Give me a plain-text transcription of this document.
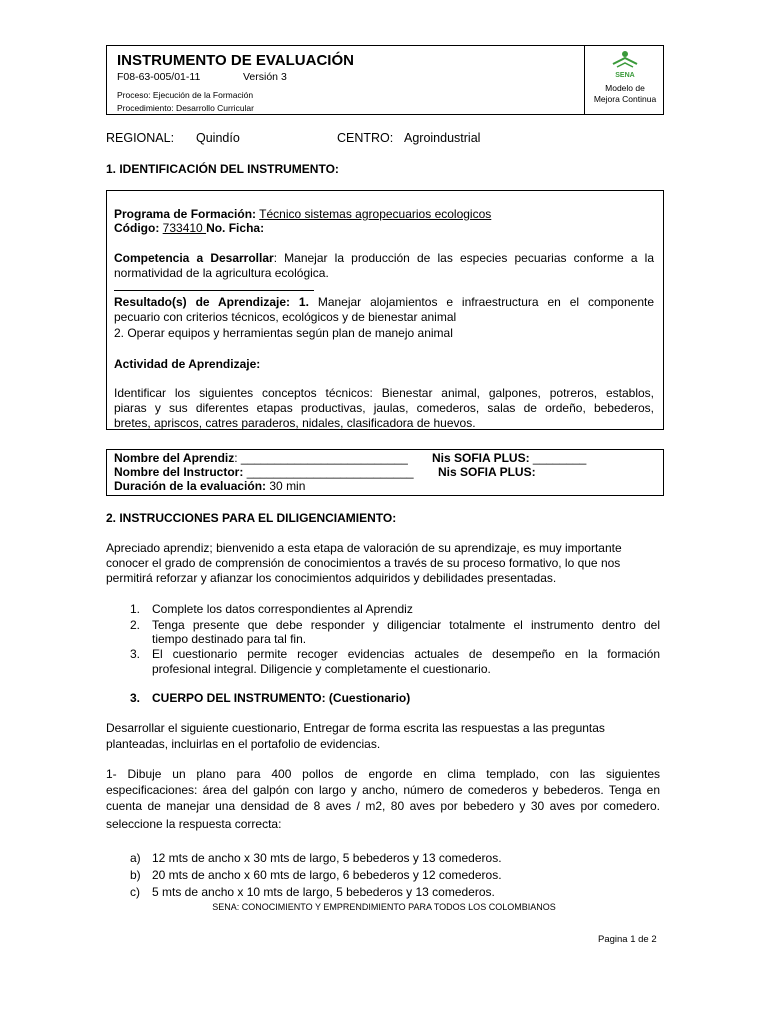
INSTRUMENTO DE EVALUACIÓN
F08-63-005/01-11	Versión 3
Proceso: Ejecución de la Formación
Procedimiento: Desarrollo Curricular
SENA
Modelo de
Mejora Continua
REGIONAL: Quindío	CENTRO: Agroindustrial
1. IDENTIFICACIÓN DEL INSTRUMENTO:
Programa de Formación: Técnico sistemas agropecuarios ecologicos
Código: 733410 No. Ficha:
Competencia a Desarrollar: Manejar la producción de las especies pecuarias conforme a la
normatividad de la agricultura ecológica.
Resultado(s) de Aprendizaje: 1. Manejar alojamientos e infraestructura en el componente
pecuario con criterios técnicos, ecológicos y de bienestar animal
2. Operar equipos y herramientas según plan de manejo animal
Actividad de Aprendizaje:
Identificar los siguientes conceptos técnicos: Bienestar animal, galpones, potreros, establos,
piaras y sus diferentes etapas productivas, jaulas, comederos, salas de ordeño, bebederos,
bretes, apriscos, catres paraderos, nidales, clasificadora de huevos.
Nombre del Aprendiz: _________________________ Nis SOFIA PLUS: ________
Nombre del Instructor: _________________________ Nis SOFIA PLUS:
Duración de la evaluación: 30 min
2. INSTRUCCIONES PARA EL DILIGENCIAMIENTO:
Apreciado aprendiz; bienvenido a esta etapa de valoración de su aprendizaje, es muy importante
conocer el grado de comprensión de conocimientos a través de su proceso formativo, lo que nos
permitirá reforzar y afianzar los conocimientos adquiridos y debilidades presentadas.
1. Complete los datos correspondientes al Aprendiz
2. Tenga presente que debe responder y diligenciar totalmente el instrumento dentro del
tiempo destinado para tal fin.
3. El cuestionario permite recoger evidencias actuales de desempeño en la formación
profesional integral. Diligencie y completamente el cuestionario.
3. CUERPO DEL INSTRUMENTO: (Cuestionario)
Desarrollar el siguiente cuestionario, Entregar de forma escrita las respuestas a las preguntas
planteadas, incluirlas en el portafolio de evidencias.
1- Dibuje un plano para 400 pollos de engorde en clima templado, con las siguientes
especificaciones: área del galpón con largo y ancho, número de comederos y bebederos. Tenga en
cuenta de manejar una densidad de 8 aves / m2, 80 aves por bebedero y 30 aves por comedero.
seleccione la respuesta correcta:
a) 12 mts de ancho x 30 mts de largo, 5 bebederos y 13 comederos.
b) 20 mts de ancho x 60 mts de largo, 6 bebederos y 12 comederos.
c) 5 mts de ancho x 10 mts de largo, 5 bebederos y 13 comederos.
SENA: CONOCIMIENTO Y EMPRENDIMIENTO PARA TODOS LOS COLOMBIANOS
Pagina 1 de 2
